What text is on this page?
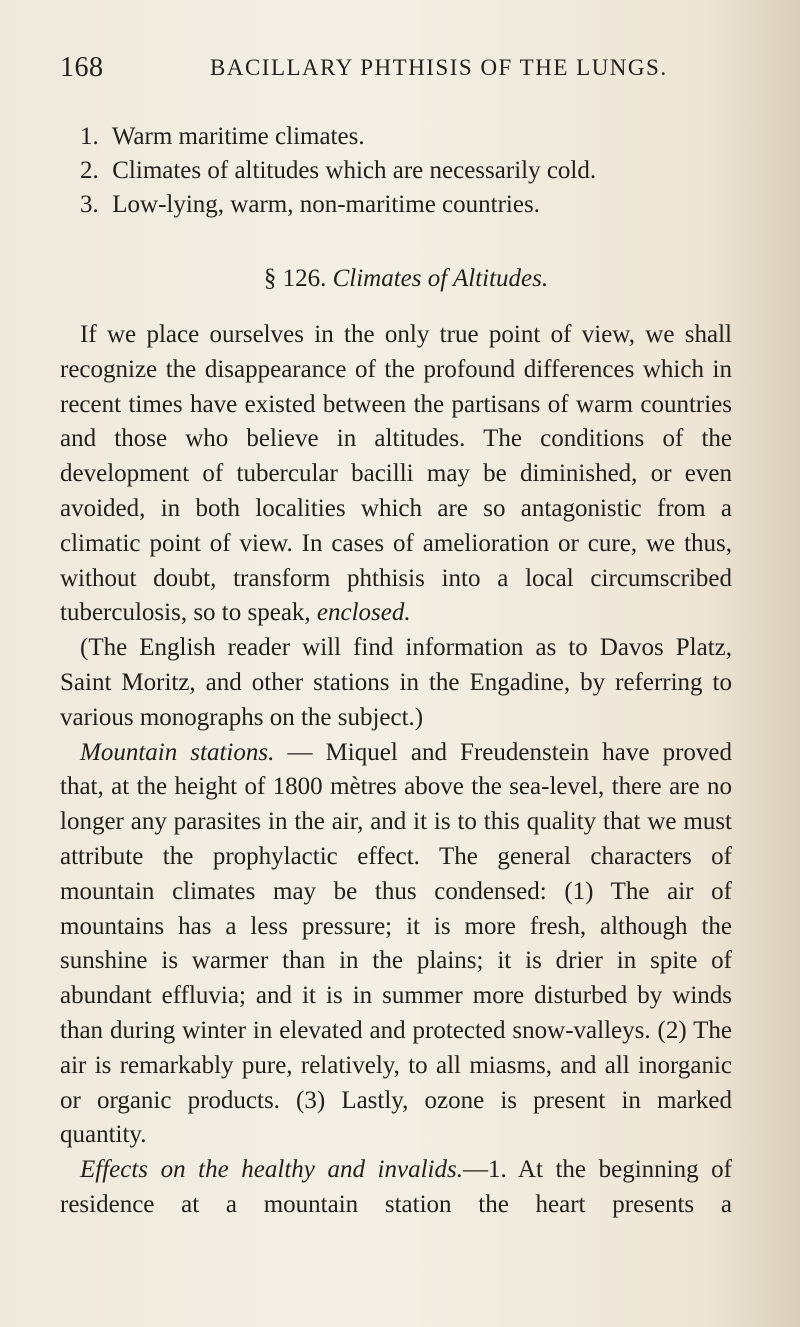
168	BACILLARY PHTHISIS OF THE LUNGS.
1. Warm maritime climates.
2. Climates of altitudes which are necessarily cold.
3. Low-lying, warm, non-maritime countries.
§ 126. Climates of Altitudes.

If we place ourselves in the only true point of view, we shall recognize the disappearance of the profound differences which in recent times have existed between the partisans of warm countries and those who believe in altitudes. The conditions of the development of tubercular bacilli may be diminished, or even avoided, in both localities which are so antagonistic from a climatic point of view. In cases of amelioration or cure, we thus, without doubt, transform phthisis into a local circumscribed tuberculosis, so to speak, enclosed.

(The English reader will find information as to Davos Platz, Saint Moritz, and other stations in the Engadine, by referring to various monographs on the subject.)

Mountain stations. — Miquel and Freudenstein have proved that, at the height of 1800 mètres above the sea-level, there are no longer any parasites in the air, and it is to this quality that we must attribute the prophylactic effect. The general characters of mountain climates may be thus condensed: (1) The air of mountains has a less pressure; it is more fresh, although the sunshine is warmer than in the plains; it is drier in spite of abundant effluvia; and it is in summer more disturbed by winds than during winter in elevated and protected snow-valleys. (2) The air is remarkably pure, relatively, to all miasms, and all inorganic or organic products. (3) Lastly, ozone is present in marked quantity.

Effects on the healthy and invalids.—1. At the beginning of residence at a mountain station the heart presents a
